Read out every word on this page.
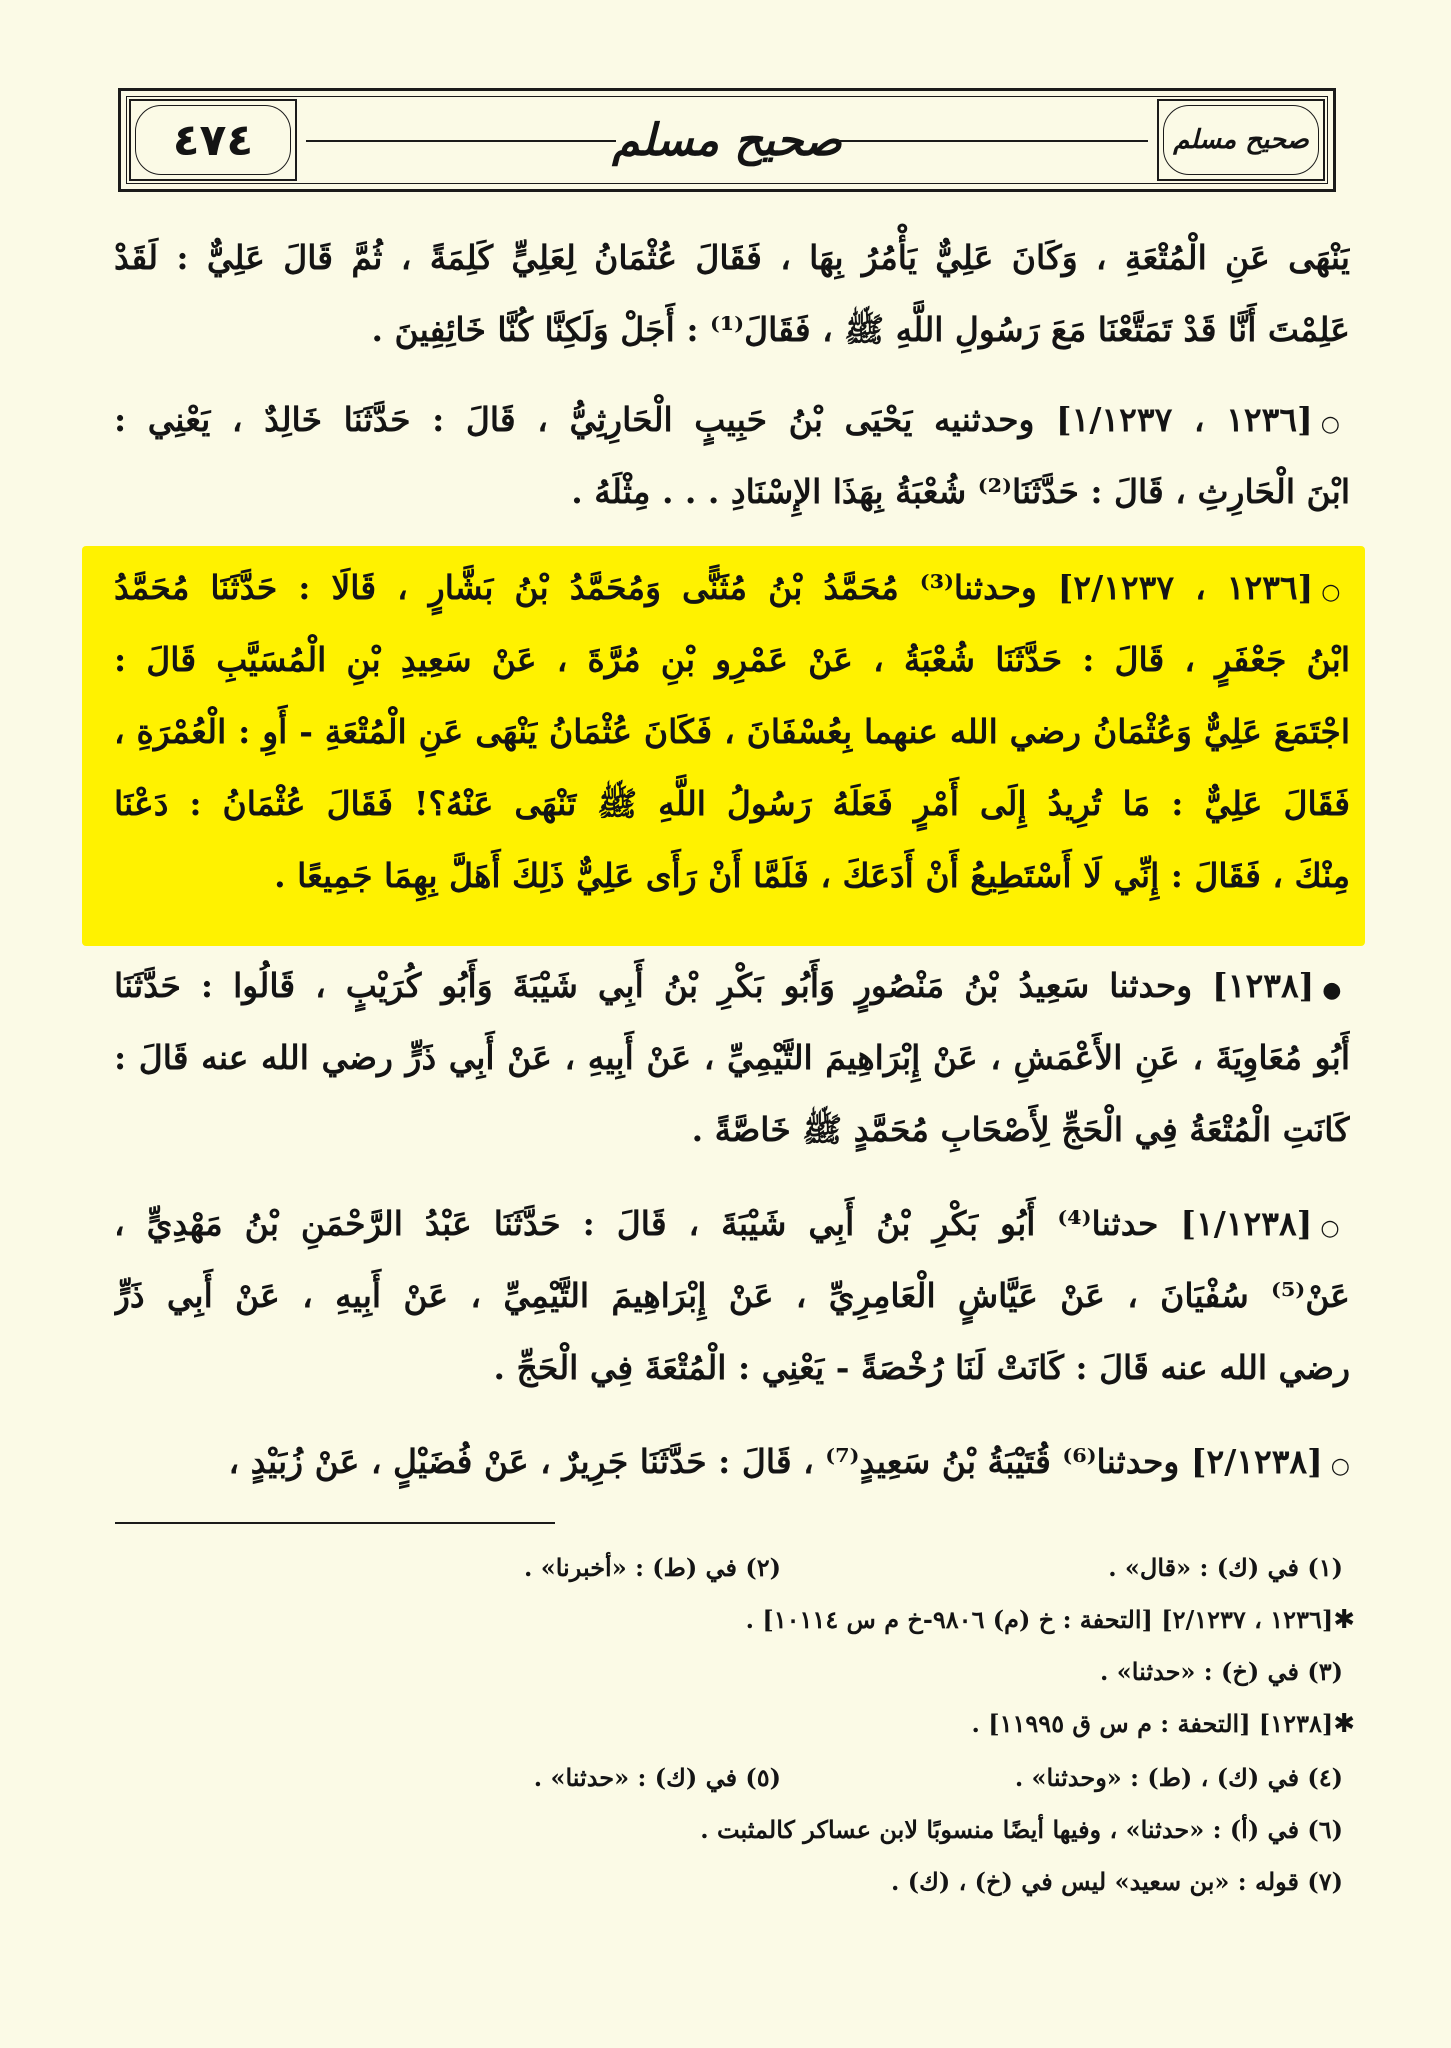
٤٧٤	صحيح مسلم	صحيح مسلم
يَنْهَى عَنِ الْمُتْعَةِ ، وَكَانَ عَلِيٌّ يَأْمُرُ بِهَا ، فَقَالَ عُثْمَانُ لِعَلِيٍّ كَلِمَةً ، ثُمَّ قَالَ عَلِيٌّ : لَقَدْ
عَلِمْتَ أَنَّا قَدْ تَمَتَّعْنَا مَعَ رَسُولِ اللَّهِ ﷺ ، فَقَالَ⁽¹⁾ : أَجَلْ وَلَكِنَّا كُنَّا خَائِفِينَ .
○[١٢٣٦ ، ١/١٢٣٧] وحدثنيه يَحْيَى بْنُ حَبِيبٍ الْحَارِثِيُّ ، قَالَ : حَدَّثَنَا خَالِدٌ ، يَعْنِي :
ابْنَ الْحَارِثِ ، قَالَ : حَدَّثَنَا⁽²⁾ شُعْبَةُ بِهَذَا الإِسْنَادِ . . . مِثْلَهُ .
○[١٢٣٦ ، ٢/١٢٣٧] وحدثنا⁽³⁾ مُحَمَّدُ بْنُ مُثَنًّى وَمُحَمَّدُ بْنُ بَشَّارٍ ، قَالَا : حَدَّثَنَا مُحَمَّدُ
ابْنُ جَعْفَرٍ ، قَالَ : حَدَّثَنَا شُعْبَةُ ، عَنْ عَمْرِو بْنِ مُرَّةَ ، عَنْ سَعِيدِ بْنِ الْمُسَيَّبِ قَالَ :
اجْتَمَعَ عَلِيٌّ وَعُثْمَانُ رضي الله عنهما بِعُسْفَانَ ، فَكَانَ عُثْمَانُ يَنْهَى عَنِ الْمُتْعَةِ - أَوِ : الْعُمْرَةِ ،
فَقَالَ عَلِيٌّ : مَا تُرِيدُ إِلَى أَمْرٍ فَعَلَهُ رَسُولُ اللَّهِ ﷺ تَنْهَى عَنْهُ؟! فَقَالَ عُثْمَانُ : دَعْنَا
مِنْكَ ، فَقَالَ : إِنِّي لَا أَسْتَطِيعُ أَنْ أَدَعَكَ ، فَلَمَّا أَنْ رَأَى عَلِيٌّ ذَلِكَ أَهَلَّ بِهِمَا جَمِيعًا .
●[١٢٣٨] وحدثنا سَعِيدُ بْنُ مَنْصُورٍ وَأَبُو بَكْرِ بْنُ أَبِي شَيْبَةَ وَأَبُو كُرَيْبٍ ، قَالُوا : حَدَّثَنَا
أَبُو مُعَاوِيَةَ ، عَنِ الأَعْمَشِ ، عَنْ إِبْرَاهِيمَ التَّيْمِيِّ ، عَنْ أَبِيهِ ، عَنْ أَبِي ذَرٍّ رضي الله عنه قَالَ :
كَانَتِ الْمُتْعَةُ فِي الْحَجِّ لِأَصْحَابِ مُحَمَّدٍ ﷺ خَاصَّةً .
○[١/١٢٣٨] حدثنا⁽⁴⁾ أَبُو بَكْرِ بْنُ أَبِي شَيْبَةَ ، قَالَ : حَدَّثَنَا عَبْدُ الرَّحْمَنِ بْنُ مَهْدِيٍّ ،
عَنْ⁽⁵⁾ سُفْيَانَ ، عَنْ عَيَّاشٍ الْعَامِرِيِّ ، عَنْ إِبْرَاهِيمَ التَّيْمِيِّ ، عَنْ أَبِيهِ ، عَنْ أَبِي ذَرٍّ
رضي الله عنه قَالَ : كَانَتْ لَنَا رُخْصَةً - يَعْنِي : الْمُتْعَةَ فِي الْحَجِّ .
○[٢/١٢٣٨] وحدثنا⁽⁶⁾ قُتَيْبَةُ بْنُ سَعِيدٍ⁽⁷⁾ ، قَالَ : حَدَّثَنَا جَرِيرٌ ، عَنْ فُضَيْلٍ ، عَنْ زُبَيْدٍ ،
(١) في (ك) : «قال» .
(٢) في (ط) : «أخبرنا» .
✱[١٢٣٦ ، ٢/١٢٣٧] [التحفة : خ (م) ٩٨٠٦-خ م س ١٠١١٤] .
(٣) في (خ) : «حدثنا» .
✱[١٢٣٨] [التحفة : م س ق ١١٩٩٥] .
(٤) في (ك) ، (ط) : «وحدثنا» .
(٥) في (ك) : «حدثنا» .
(٦) في (أ) : «حدثنا» ، وفيها أيضًا منسوبًا لابن عساكر كالمثبت .
(٧) قوله : «بن سعيد» ليس في (خ) ، (ك) .
